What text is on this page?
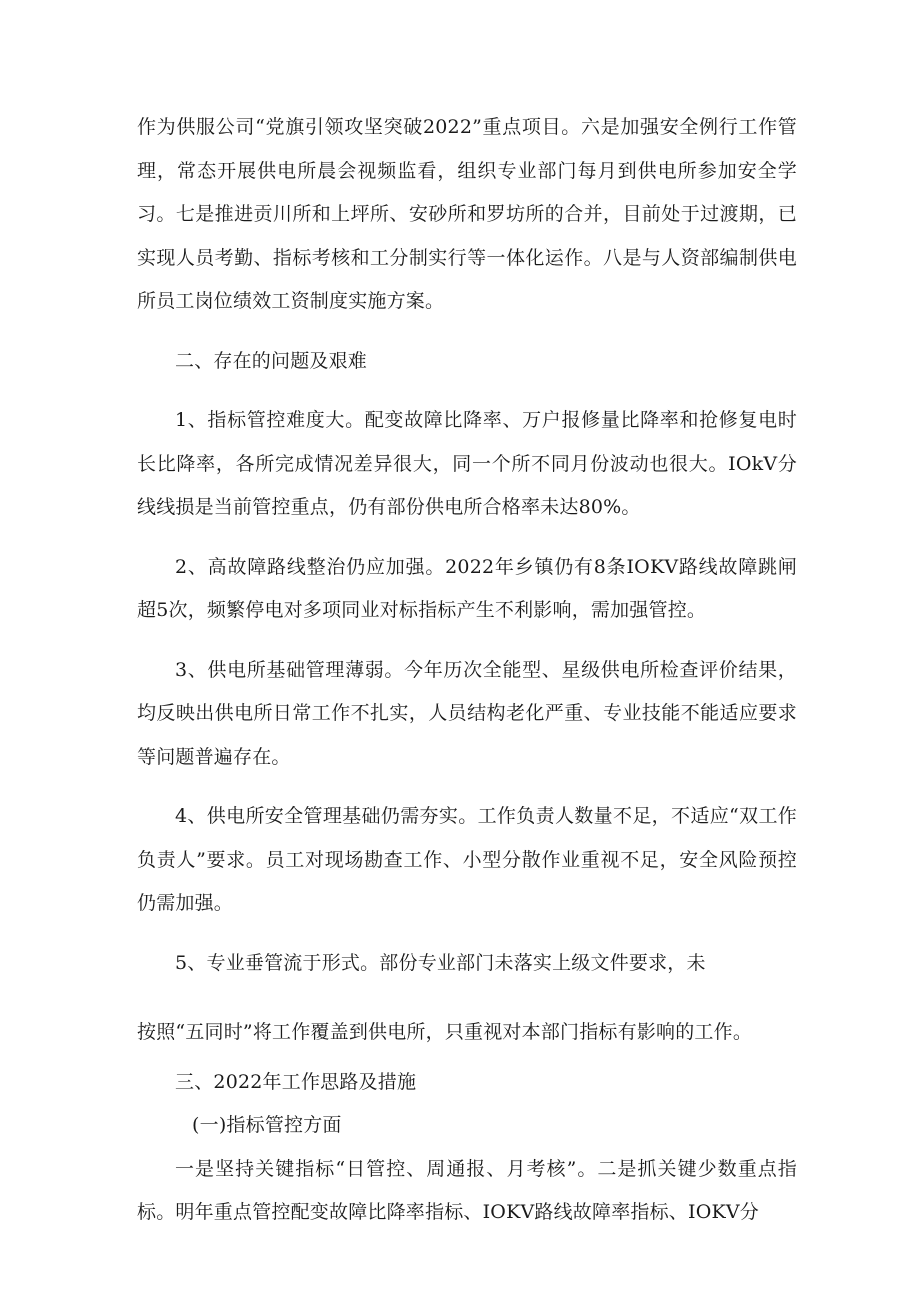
作为供服公司“党旗引领攻坚突破2022”重点项目。六是加强安全例行工作管理，常态开展供电所晨会视频监看，组织专业部门每月到供电所参加安全学习。七是推进贡川所和上坪所、安砂所和罗坊所的合并，目前处于过渡期，已实现人员考勤、指标考核和工分制实行等一体化运作。八是与人资部编制供电所员工岗位绩效工资制度实施方案。

二、存在的问题及艰难

1、指标管控难度大。配变故障比降率、万户报修量比降率和抢修复电时长比降率，各所完成情况差异很大，同一个所不同月份波动也很大。IOkV分线线损是当前管控重点，仍有部份供电所合格率未达80%。

2、高故障路线整治仍应加强。2022年乡镇仍有8条IOKV路线故障跳闸超5次，频繁停电对多项同业对标指标产生不利影响，需加强管控。

3、供电所基础管理薄弱。今年历次全能型、星级供电所检查评价结果，均反映出供电所日常工作不扎实，人员结构老化严重、专业技能不能适应要求等问题普遍存在。

4、供电所安全管理基础仍需夯实。工作负责人数量不足，不适应“双工作负责人”要求。员工对现场勘查工作、小型分散作业重视不足，安全风险预控仍需加强。

5、专业垂管流于形式。部份专业部门未落实上级文件要求，未

按照“五同时”将工作覆盖到供电所，只重视对本部门指标有影响的工作。

三、2022年工作思路及措施

(一)指标管控方面

一是坚持关键指标“日管控、周通报、月考核”。二是抓关键少数重点指标。明年重点管控配变故障比降率指标、IOKV路线故障率指标、IOKV分
